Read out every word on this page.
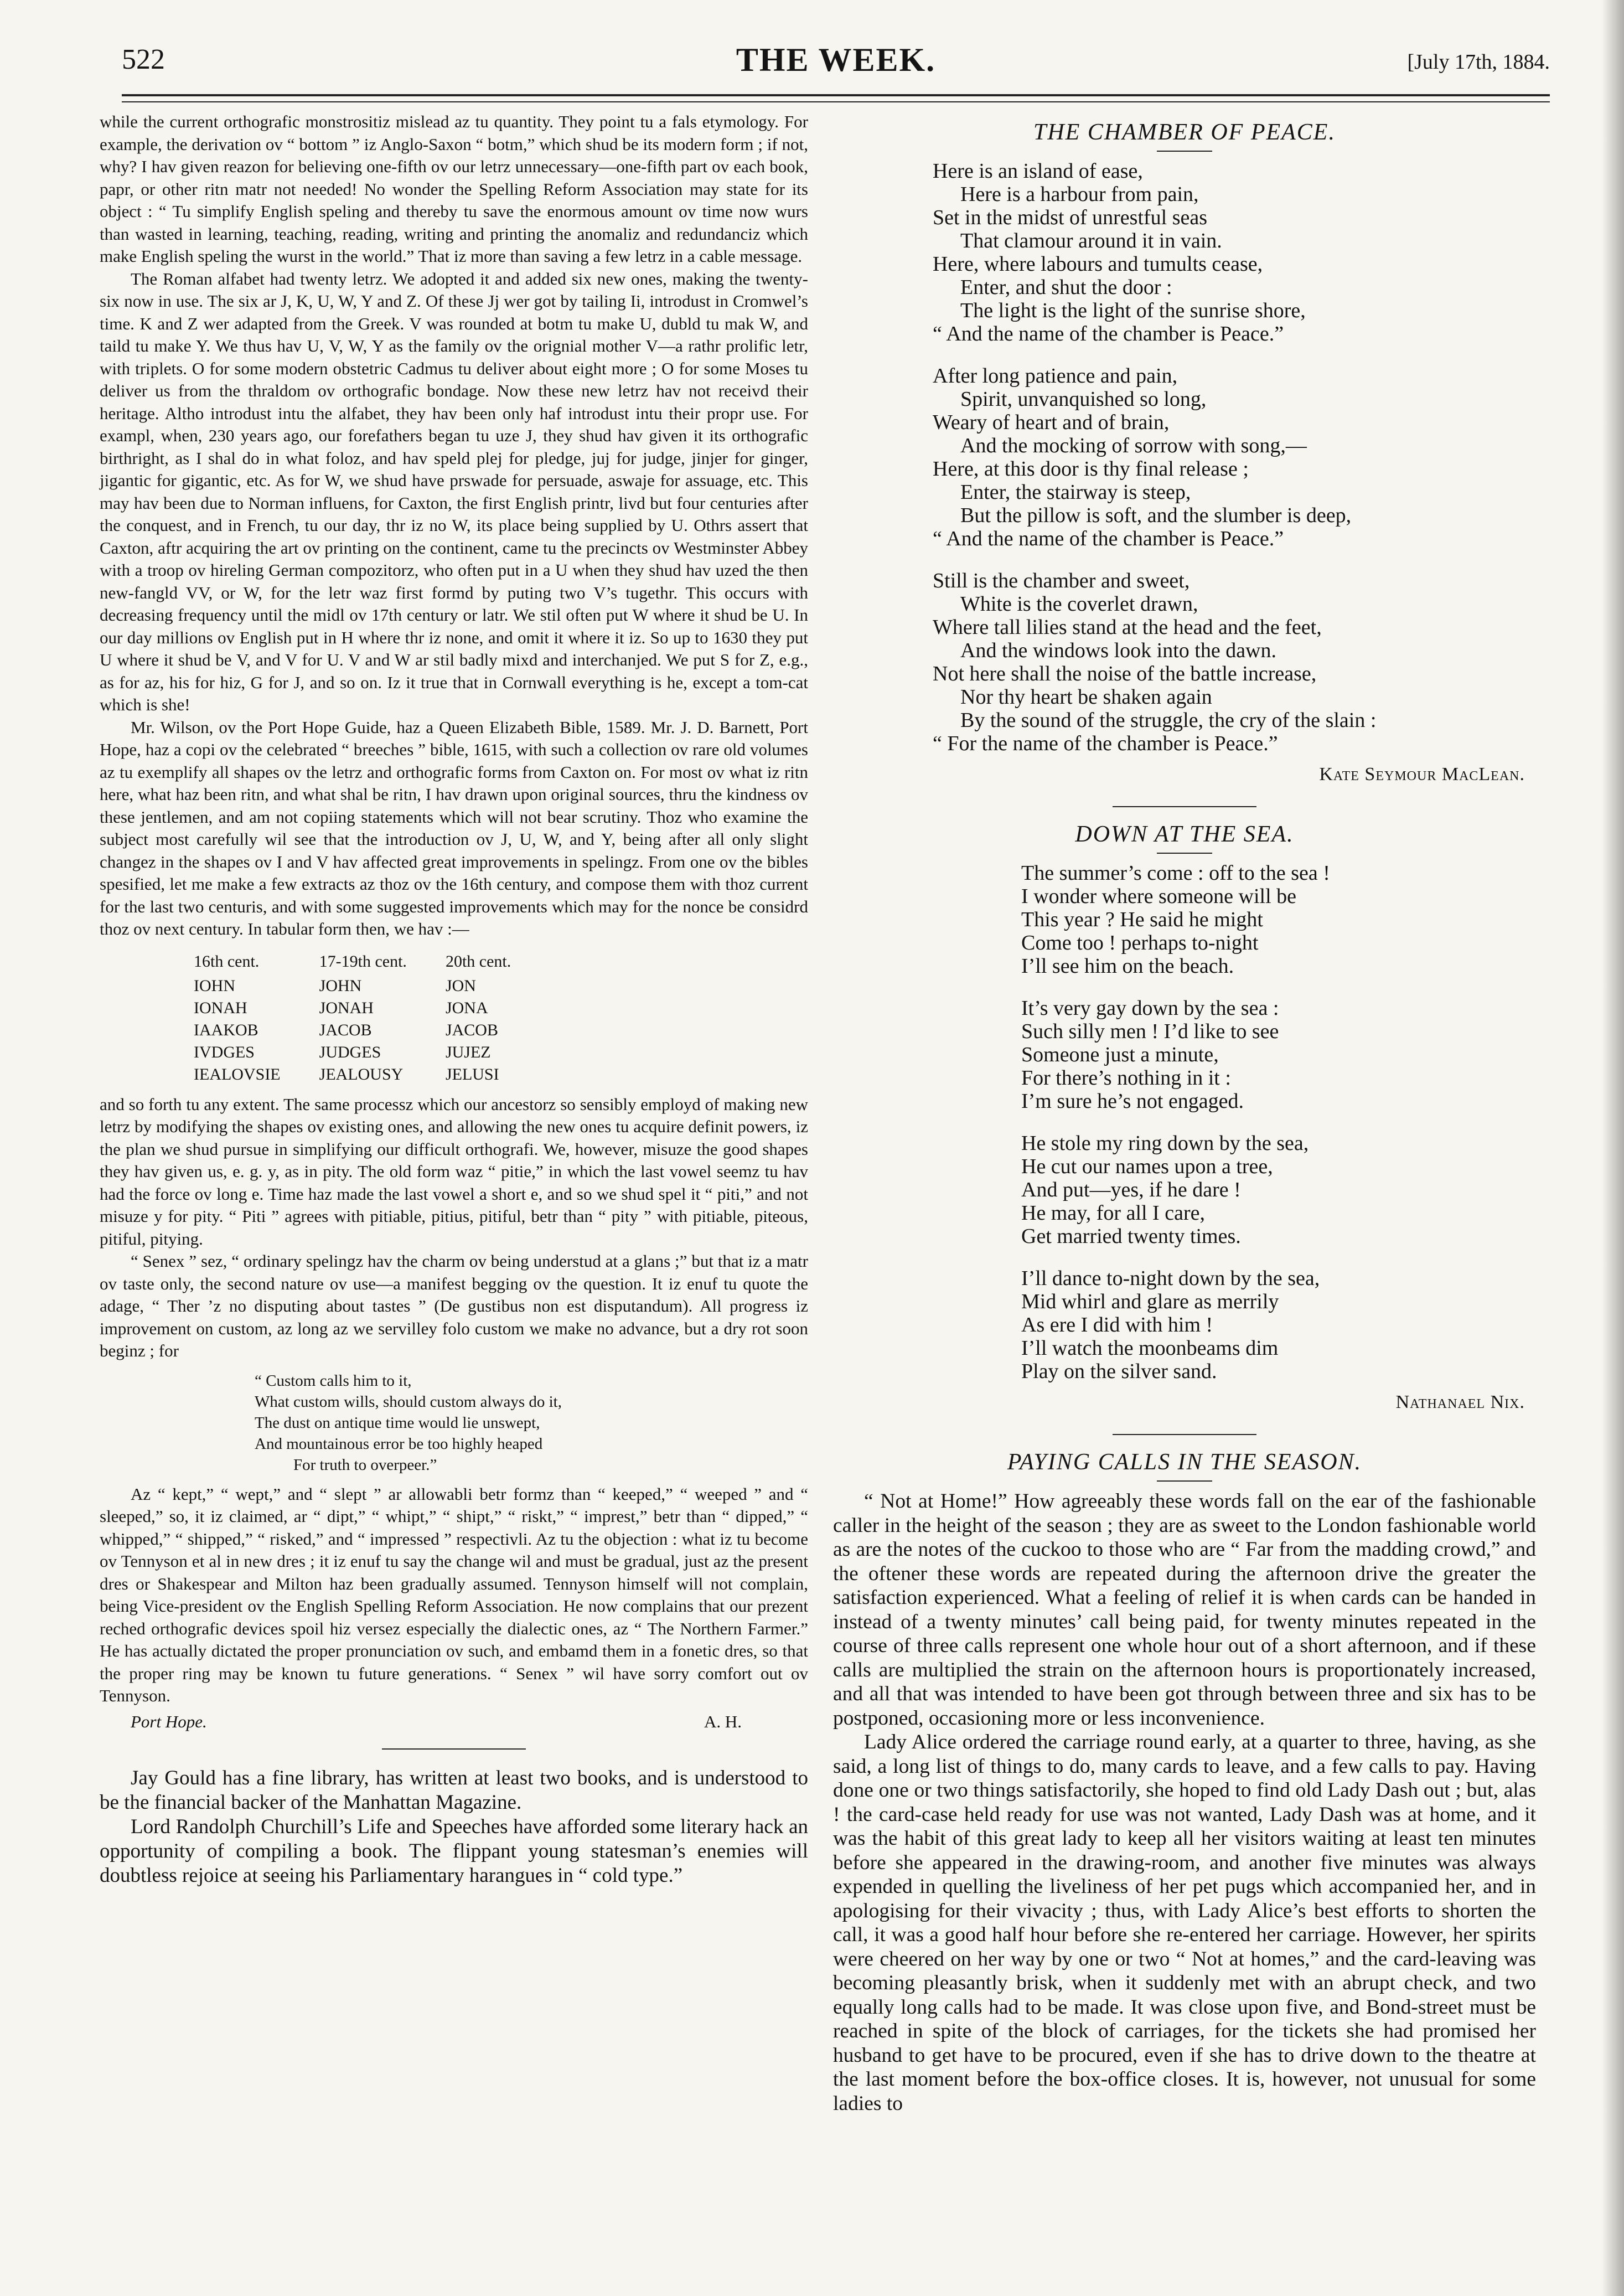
522	THE WEEK.	[July 17th, 1884.

while the current orthografic monstrositiz mislead az tu quantity. They point tu a fals etymology. For example, the derivation ov “ bottom ” iz Anglo-Saxon “ botm,” which shud be its modern form ; if not, why? I hav given reazon for believing one-fifth ov our letrz unnecessary—one-fifth part ov each book, papr, or other ritn matr not needed! No wonder the Spelling Reform Association may state for its object : “ Tu simplify English speling and thereby tu save the enormous amount ov time now wurs than wasted in learning, teaching, reading, writing and printing the anomaliz and redundanciz which make English speling the wurst in the world.” That iz more than saving a few letrz in a cable message.

The Roman alfabet had twenty letrz. We adopted it and added six new ones, making the twenty-six now in use. The six ar J, K, U, W, Y and Z. Of these Jj wer got by tailing Ii, introdust in Cromwel’s time. K and Z wer adapted from the Greek. V was rounded at botm tu make U, dubld tu mak W, and taild tu make Y. We thus hav U, V, W, Y as the family ov the orignial mother V—a rathr prolific letr, with triplets. O for some modern obstetric Cadmus tu deliver about eight more ; O for some Moses tu deliver us from the thraldom ov orthografic bondage. Now these new letrz hav not receivd their heritage. Altho introdust intu the alfabet, they hav been only haf introdust intu their propr use. For exampl, when, 230 years ago, our forefathers began tu uze J, they shud hav given it its orthografic birthright, as I shal do in what foloz, and hav speld plej for pledge, juj for judge, jinjer for ginger, jigantic for gigantic, etc. As for W, we shud have prswade for persuade, aswaje for assuage, etc. This may hav been due to Norman influens, for Caxton, the first English printr, livd but four centuries after the conquest, and in French, tu our day, thr iz no W, its place being supplied by U. Othrs assert that Caxton, aftr acquiring the art ov printing on the continent, came tu the precincts ov Westminster Abbey with a troop ov hireling German compozitorz, who often put in a U when they shud hav uzed the then new-fangld VV, or W, for the letr waz first formd by puting two V’s tugethr. This occurs with decreasing frequency until the midl ov 17th century or latr. We stil often put W where it shud be U. In our day millions ov English put in H where thr iz none, and omit it where it iz. So up to 1630 they put U where it shud be V, and V for U. V and W ar stil badly mixd and interchanjed. We put S for Z, e.g., as for az, his for hiz, G for J, and so on. Iz it true that in Cornwall everything is he, except a tom-cat which is she!

Mr. Wilson, ov the Port Hope Guide, haz a Queen Elizabeth Bible, 1589. Mr. J. D. Barnett, Port Hope, haz a copi ov the celebrated “ breeches ” bible, 1615, with such a collection ov rare old volumes az tu exemplify all shapes ov the letrz and orthografic forms from Caxton on. For most ov what iz ritn here, what haz been ritn, and what shal be ritn, I hav drawn upon original sources, thru the kindness ov these jentlemen, and am not copiing statements which will not bear scrutiny. Thoz who examine the subject most carefully wil see that the introduction ov J, U, W, and Y, being after all only slight changez in the shapes ov I and V hav affected great improvements in spelingz. From one ov the bibles spesified, let me make a few extracts az thoz ov the 16th century, and compose them with thoz current for the last two centuris, and with some suggested improvements which may for the nonce be considrd thoz ov next century. In tabular form then, we hav :—

16th cent.	17-19th cent.	20th cent.
IOHN	JOHN	JON
IONAH	JONAH	JONA
IAAKOB	JACOB	JACOB
IVDGES	JUDGES	JUJEZ
IEALOVSIE	JEALOUSY	JELUSI

and so forth tu any extent. The same processz which our ancestorz so sensibly employd of making new letrz by modifying the shapes ov existing ones, and allowing the new ones tu acquire definit powers, iz the plan we shud pursue in simplifying our difficult orthografi. We, however, misuze the good shapes they hav given us, e. g. y, as in pity. The old form waz “ pitie,” in which the last vowel seemz tu hav had the force ov long e. Time haz made the last vowel a short e, and so we shud spel it “ piti,” and not misuze y for pity. “ Piti ” agrees with pitiable, pitius, pitiful, betr than “ pity ” with pitiable, piteous, pitiful, pitying.

“ Senex ” sez, “ ordinary spelingz hav the charm ov being understud at a glans ;” but that iz a matr ov taste only, the second nature ov use—a manifest begging ov the question. It iz enuf tu quote the adage, “ Ther ’z no disputing about tastes ” (De gustibus non est disputandum). All progress iz improvement on custom, az long az we servilley folo custom we make no advance, but a dry rot soon beginz ; for

“ Custom calls him to it,
What custom wills, should custom always do it,
The dust on antique time would lie unswept,
And mountainous error be too highly heaped
For truth to overpeer.”

Az “ kept,” “ wept,” and “ slept ” ar allowabli betr formz than “ keeped,” “ weeped ” and “ sleeped,” so, it iz claimed, ar “ dipt,” “ whipt,” “ shipt,” “ riskt,” “ imprest,” betr than “ dipped,” “ whipped,” “ shipped,” “ risked,” and “ impressed ” respectivli. Az tu the objection : what iz tu become ov Tennyson et al in new dres ; it iz enuf tu say the change wil and must be gradual, just az the present dres or Shakespear and Milton haz been gradually assumed. Tennyson himself will not complain, being Vice-president ov the English Spelling Reform Association. He now complains that our prezent reched orthografic devices spoil hiz versez especially the dialectic ones, az “ The Northern Farmer.” He has actually dictated the proper pronunciation ov such, and embamd them in a fonetic dres, so that the proper ring may be known tu future generations. “ Senex ” wil have sorry comfort out ov Tennyson.

Port Hope.	A. H.

Jay Gould has a fine library, has written at least two books, and is understood to be the financial backer of the Manhattan Magazine.

Lord Randolph Churchill’s Life and Speeches have afforded some literary hack an opportunity of compiling a book. The flippant young statesman’s enemies will doubtless rejoice at seeing his Parliamentary harangues in “ cold type.”

THE CHAMBER OF PEACE.
Here is an island of ease,
Here is a harbour from pain,
Set in the midst of unrestful seas
That clamour around it in vain.
Here, where labours and tumults cease,
Enter, and shut the door :
The light is the light of the sunrise shore,
“ And the name of the chamber is Peace.”
After long patience and pain,
Spirit, unvanquished so long,
Weary of heart and of brain,
And the mocking of sorrow with song,—
Here, at this door is thy final release ;
Enter, the stairway is steep,
But the pillow is soft, and the slumber is deep,
“ And the name of the chamber is Peace.”
Still is the chamber and sweet,
White is the coverlet drawn,
Where tall lilies stand at the head and the feet,
And the windows look into the dawn.
Not here shall the noise of the battle increase,
Nor thy heart be shaken again
By the sound of the struggle, the cry of the slain :
“ For the name of the chamber is Peace.”
Kate Seymour MacLean.
DOWN AT THE SEA.
The summer’s come : off to the sea !
I wonder where someone will be
This year ? He said he might
Come too ! perhaps to-night
I’ll see him on the beach.
It’s very gay down by the sea :
Such silly men ! I’d like to see
Someone just a minute,
For there’s nothing in it :
I’m sure he’s not engaged.
He stole my ring down by the sea,
He cut our names upon a tree,
And put—yes, if he dare !
He may, for all I care,
Get married twenty times.
I’ll dance to-night down by the sea,
Mid whirl and glare as merrily
As ere I did with him !
I’ll watch the moonbeams dim
Play on the silver sand.
Nathanael Nix.
PAYING CALLS IN THE SEASON.

“ Not at Home!” How agreeably these words fall on the ear of the fashionable caller in the height of the season ; they are as sweet to the London fashionable world as are the notes of the cuckoo to those who are “ Far from the madding crowd,” and the oftener these words are repeated during the afternoon drive the greater the satisfaction experienced. What a feeling of relief it is when cards can be handed in instead of a twenty minutes’ call being paid, for twenty minutes repeated in the course of three calls represent one whole hour out of a short afternoon, and if these calls are multiplied the strain on the afternoon hours is proportionately increased, and all that was intended to have been got through between three and six has to be postponed, occasioning more or less inconvenience.

Lady Alice ordered the carriage round early, at a quarter to three, having, as she said, a long list of things to do, many cards to leave, and a few calls to pay. Having done one or two things satisfactorily, she hoped to find old Lady Dash out ; but, alas ! the card-case held ready for use was not wanted, Lady Dash was at home, and it was the habit of this great lady to keep all her visitors waiting at least ten minutes before she appeared in the drawing-room, and another five minutes was always expended in quelling the liveliness of her pet pugs which accompanied her, and in apologising for their vivacity ; thus, with Lady Alice’s best efforts to shorten the call, it was a good half hour before she re-entered her carriage. However, her spirits were cheered on her way by one or two “ Not at homes,” and the card-leaving was becoming pleasantly brisk, when it suddenly met with an abrupt check, and two equally long calls had to be made. It was close upon five, and Bond-street must be reached in spite of the block of carriages, for the tickets she had promised her husband to get have to be procured, even if she has to drive down to the theatre at the last moment before the box-office closes. It is, however, not unusual for some ladies to
